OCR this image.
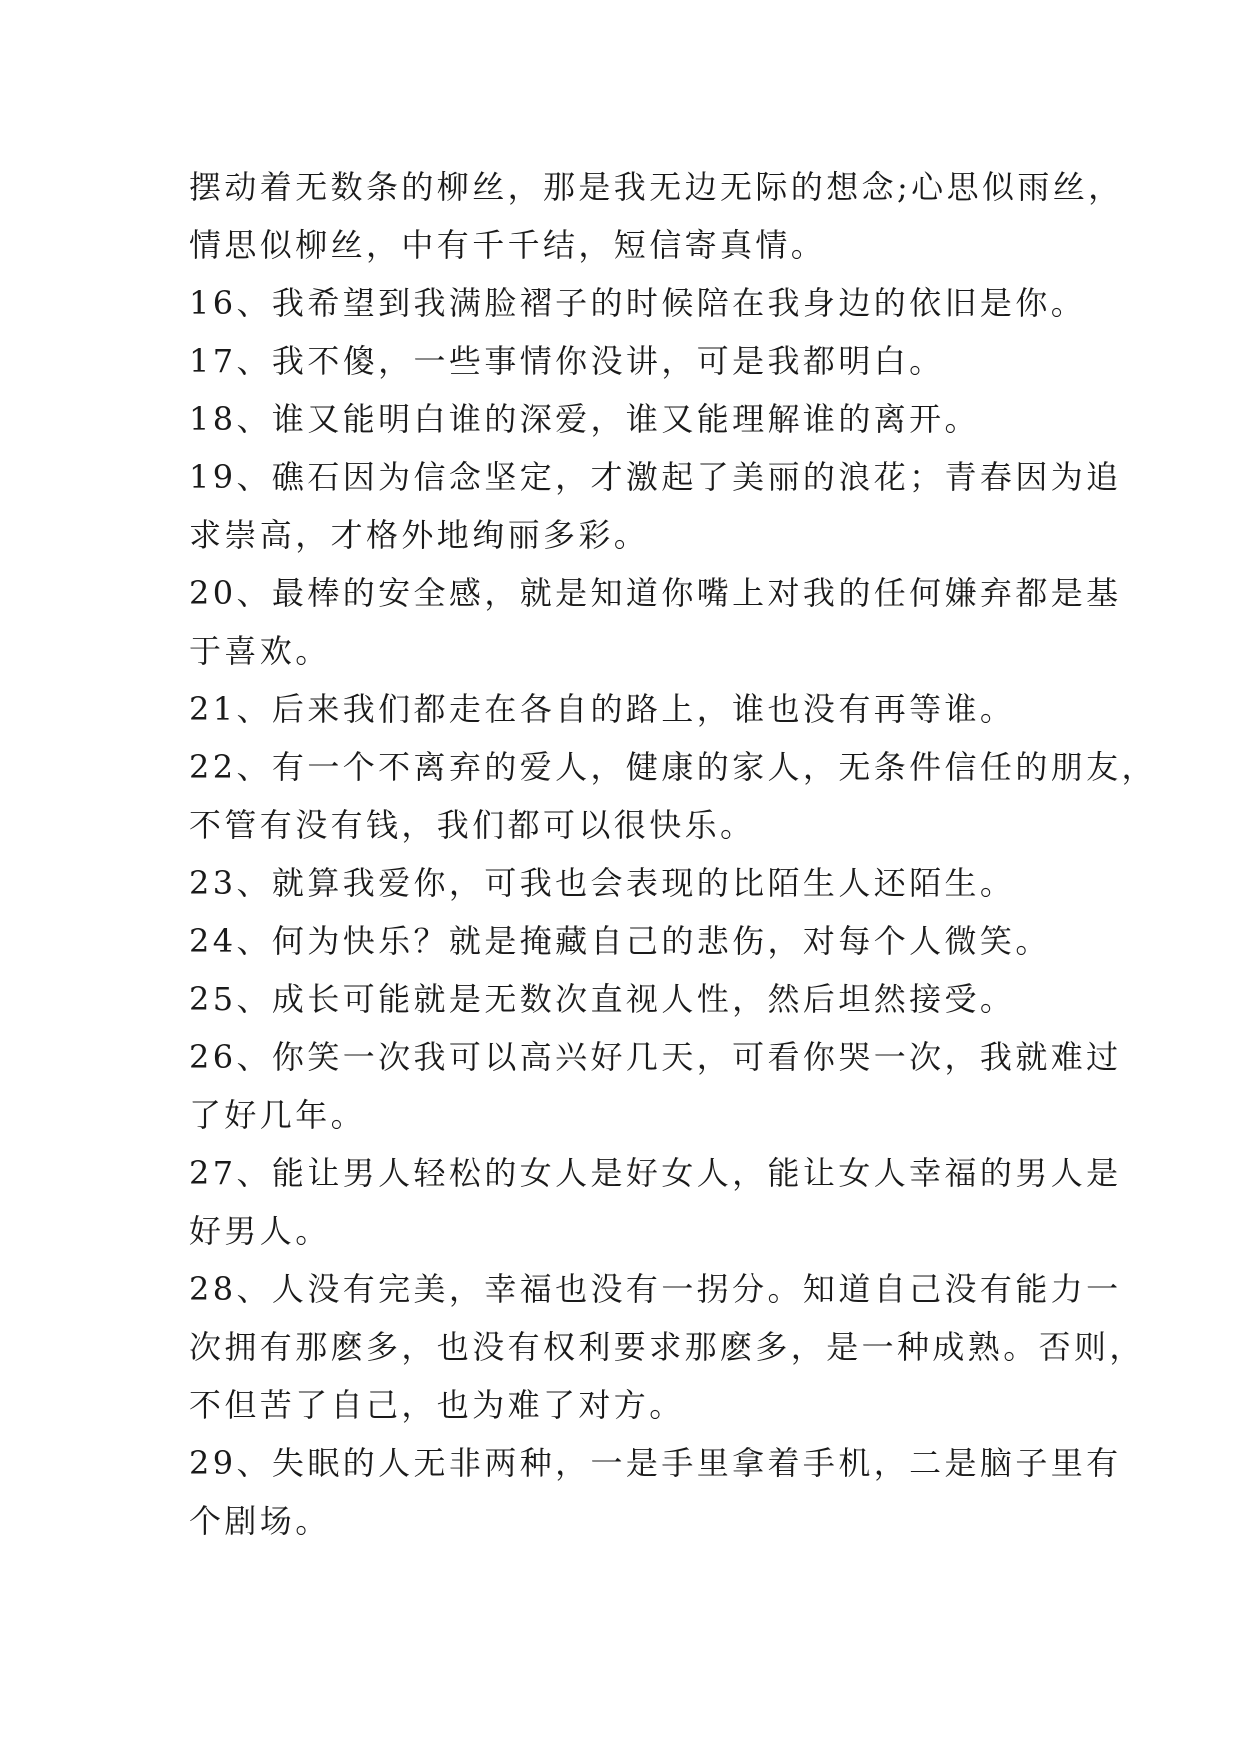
摆动着无数条的柳丝，那是我无边无际的想念;心思似雨丝，
情思似柳丝，中有千千结，短信寄真情。

16、我希望到我满脸褶子的时候陪在我身边的依旧是你。

17、我不傻，一些事情你没讲，可是我都明白。

18、谁又能明白谁的深爱，谁又能理解谁的离开。

19、礁石因为信念坚定，才激起了美丽的浪花；青春因为追
求崇高，才格外地绚丽多彩。

20、最棒的安全感，就是知道你嘴上对我的任何嫌弃都是基
于喜欢。

21、后来我们都走在各自的路上，谁也没有再等谁。

22、有一个不离弃的爱人，健康的家人，无条件信任的朋友，
不管有没有钱，我们都可以很快乐。

23、就算我爱你，可我也会表现的比陌生人还陌生。

24、何为快乐？就是掩藏自己的悲伤，对每个人微笑。

25、成长可能就是无数次直视人性，然后坦然接受。

26、你笑一次我可以高兴好几天，可看你哭一次，我就难过
了好几年。

27、能让男人轻松的女人是好女人，能让女人幸福的男人是
好男人。

28、人没有完美，幸福也没有一拐分。知道自己没有能力一
次拥有那麽多，也没有权利要求那麽多，是一种成熟。否则，
不但苦了自己，也为难了对方。

29、失眠的人无非两种，一是手里拿着手机，二是脑子里有
个剧场。
